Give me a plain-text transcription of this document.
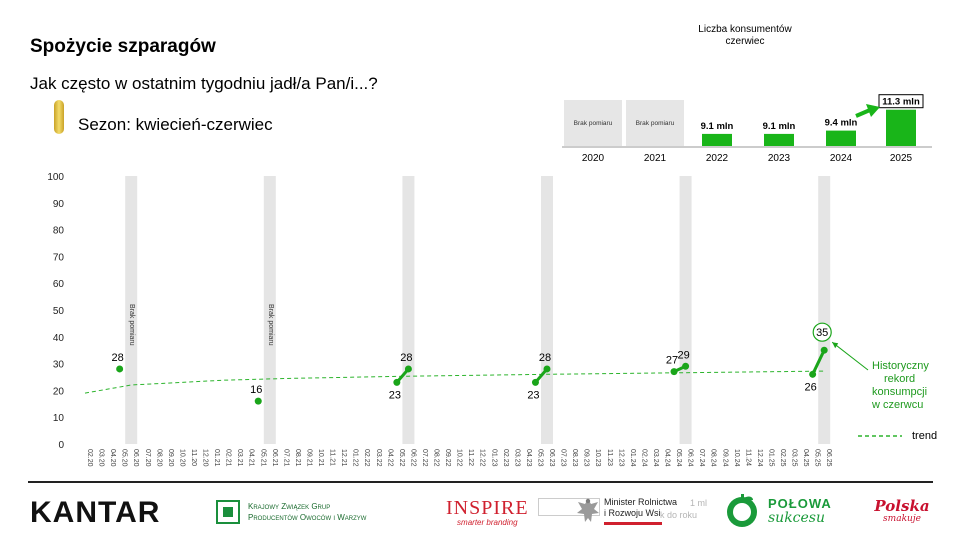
Spożycie szparagów
Jak często w ostatnim tygodniu jadł/a Pan/i...?
Sezon: kwiecień-czerwiec
Liczba konsumentów
czerwiec
Brak pomiaru	Brak pomiaru
0
10
20
30
40
50
60
70
80
90
100
02.20 03.20 04.20 05.20 06.20 07.20 08.20 09.20 10.20 11.20 12.20 01.21 02.21 03.21 04.21 05.21 06.21 07.21 08.21 09.21 10.21 11.21 12.21 01.22 02.22 03.22 04.22 05.22 06.22 07.22 08.22 09.22 10.22 11.22 12.22 01.23 02.23 03.23 04.23 05.23 06.23 07.23 08.23 09.23 10.23 11.23 12.23 01.24 02.24 03.24 04.24 05.24 06.24 07.24 08.24 09.24 10.24 11.24 12.24 01.25 02.25 03.25 04.25 05.25 06.25
28
16	23
28
23
28	27 29
26
35
Historyczny rekord konsumpcji w czerwcu
trend
Brak pomiaru
2020
Brak pomiaru
2021
9.1 mln
2022
9.1 mln
2023
9.4 mln
2024
11.3 mln
2025
KANTAR	Krajowy Związek Grup
Producentów Owoców i Warzyw	INSPIRE
smarter branding
1 ml
k do roku
Minister Rolnictwa
i Rozwoju Wsi
POŁOWA
sukcesu
Polska
smakuje
